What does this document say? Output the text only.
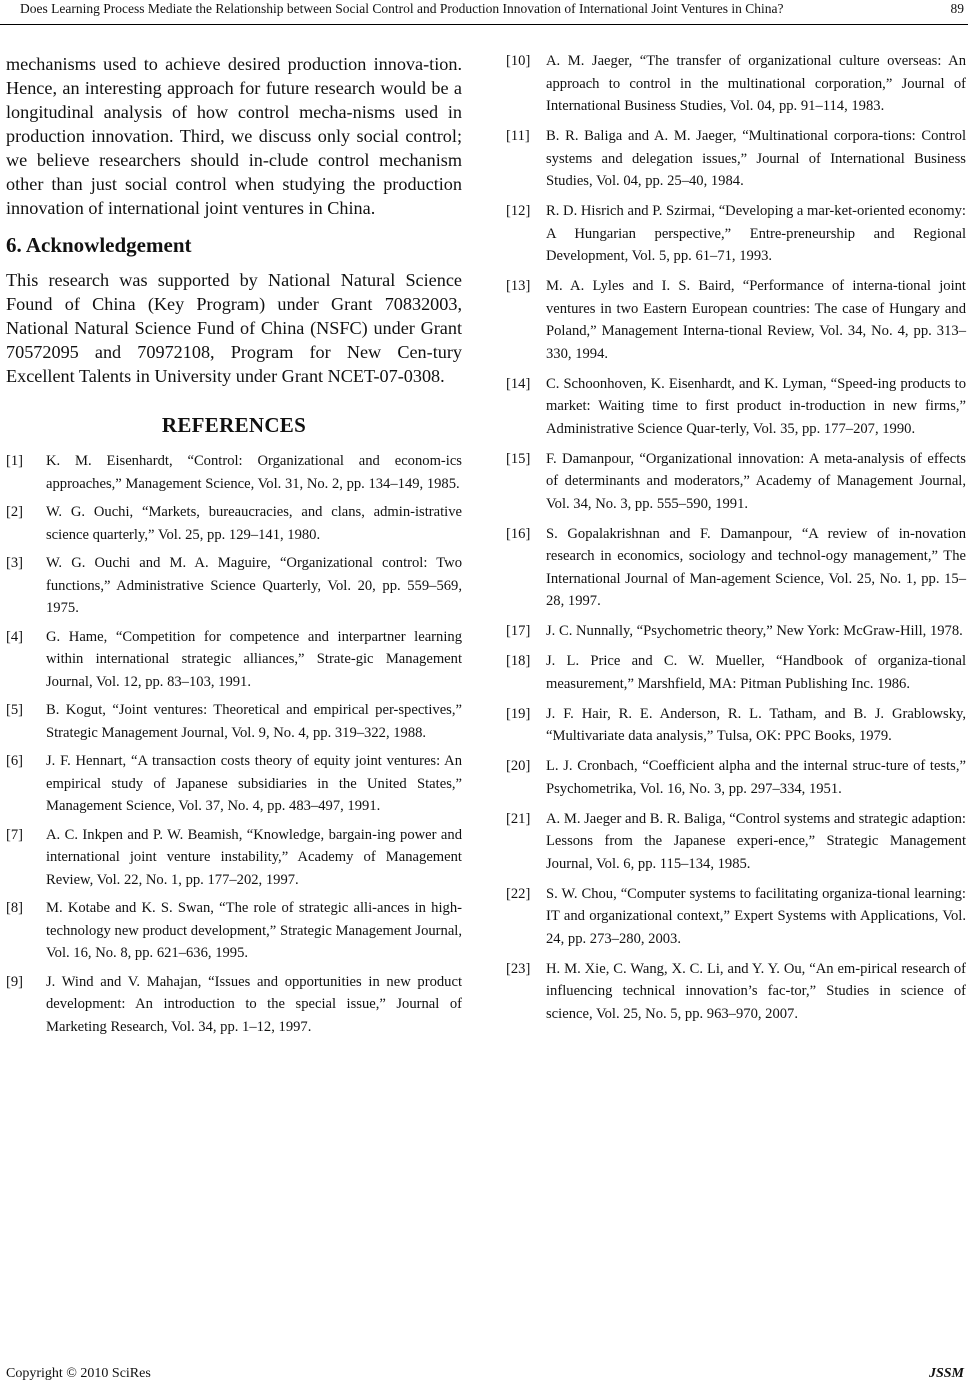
Does Learning Process Mediate the Relationship between Social Control and Production Innovation of International Joint Ventures in China?	89

mechanisms used to achieve desired production innova-tion. Hence, an interesting approach for future research would be a longitudinal analysis of how control mecha-nisms used in production innovation. Third, we discuss only social control; we believe researchers should in-clude control mechanism other than just social control when studying the production innovation of international joint ventures in China.

6. Acknowledgement

This research was supported by National Natural Science Found of China (Key Program) under Grant 70832003, National Natural Science Fund of China (NSFC) under Grant 70572095 and 70972108, Program for New Cen-tury Excellent Talents in University under Grant NCET-07-0308.

REFERENCES
[1]	K. M. Eisenhardt, “Control: Organizational and econom-ics approaches,” Management Science, Vol. 31, No. 2, pp. 134–149, 1985.
[2]	W. G. Ouchi, “Markets, bureaucracies, and clans, admin-istrative science quarterly,” Vol. 25, pp. 129–141, 1980.
[3]	W. G. Ouchi and M. A. Maguire, “Organizational control: Two functions,” Administrative Science Quarterly, Vol. 20, pp. 559–569, 1975.
[4]	G. Hame, “Competition for competence and interpartner learning within international strategic alliances,” Strate-gic Management Journal, Vol. 12, pp. 83–103, 1991.
[5]	B. Kogut, “Joint ventures: Theoretical and empirical per-spectives,” Strategic Management Journal, Vol. 9, No. 4, pp. 319–322, 1988.
[6]	J. F. Hennart, “A transaction costs theory of equity joint ventures: An empirical study of Japanese subsidiaries in the United States,” Management Science, Vol. 37, No. 4, pp. 483–497, 1991.
[7]	A. C. Inkpen and P. W. Beamish, “Knowledge, bargain-ing power and international joint venture instability,” Academy of Management Review, Vol. 22, No. 1, pp. 177–202, 1997.
[8]	M. Kotabe and K. S. Swan, “The role of strategic alli-ances in high-technology new product development,” Strategic Management Journal, Vol. 16, No. 8, pp. 621–636, 1995.
[9]	J. Wind and V. Mahajan, “Issues and opportunities in new product development: An introduction to the special issue,” Journal of Marketing Research, Vol. 34, pp. 1–12, 1997.
[10]	A. M. Jaeger, “The transfer of organizational culture overseas: An approach to control in the multinational corporation,” Journal of International Business Studies, Vol. 04, pp. 91–114, 1983.
[11]	B. R. Baliga and A. M. Jaeger, “Multinational corpora-tions: Control systems and delegation issues,” Journal of International Business Studies, Vol. 04, pp. 25–40, 1984.
[12]	R. D. Hisrich and P. Szirmai, “Developing a mar-ket-oriented economy: A Hungarian perspective,” Entre-preneurship and Regional Development, Vol. 5, pp. 61–71, 1993.
[13]	M. A. Lyles and I. S. Baird, “Performance of interna-tional joint ventures in two Eastern European countries: The case of Hungary and Poland,” Management Interna-tional Review, Vol. 34, No. 4, pp. 313–330, 1994.
[14]	C. Schoonhoven, K. Eisenhardt, and K. Lyman, “Speed-ing products to market: Waiting time to first product in-troduction in new firms,” Administrative Science Quar-terly, Vol. 35, pp. 177–207, 1990.
[15]	F. Damanpour, “Organizational innovation: A meta-analysis of effects of determinants and moderators,” Academy of Management Journal, Vol. 34, No. 3, pp. 555–590, 1991.
[16]	S. Gopalakrishnan and F. Damanpour, “A review of in-novation research in economics, sociology and technol-ogy management,” The International Journal of Man-agement Science, Vol. 25, No. 1, pp. 15–28, 1997.
[17]	J. C. Nunnally, “Psychometric theory,” New York: McGraw-Hill, 1978.
[18]	J. L. Price and C. W. Mueller, “Handbook of organiza-tional measurement,” Marshfield, MA: Pitman Publishing Inc. 1986.
[19]	J. F. Hair, R. E. Anderson, R. L. Tatham, and B. J. Grablowsky, “Multivariate data analysis,” Tulsa, OK: PPC Books, 1979.
[20]	L. J. Cronbach, “Coefficient alpha and the internal struc-ture of tests,” Psychometrika, Vol. 16, No. 3, pp. 297–334, 1951.
[21]	A. M. Jaeger and B. R. Baliga, “Control systems and strategic adaption: Lessons from the Japanese experi-ence,” Strategic Management Journal, Vol. 6, pp. 115–134, 1985.
[22]	S. W. Chou, “Computer systems to facilitating organiza-tional learning: IT and organizational context,” Expert Systems with Applications, Vol. 24, pp. 273–280, 2003.
[23]	H. M. Xie, C. Wang, X. C. Li, and Y. Y. Ou, “An em-pirical research of influencing technical innovation’s fac-tor,” Studies in science of science, Vol. 25, No. 5, pp. 963–970, 2007.
Copyright © 2010 SciRes	JSSM
